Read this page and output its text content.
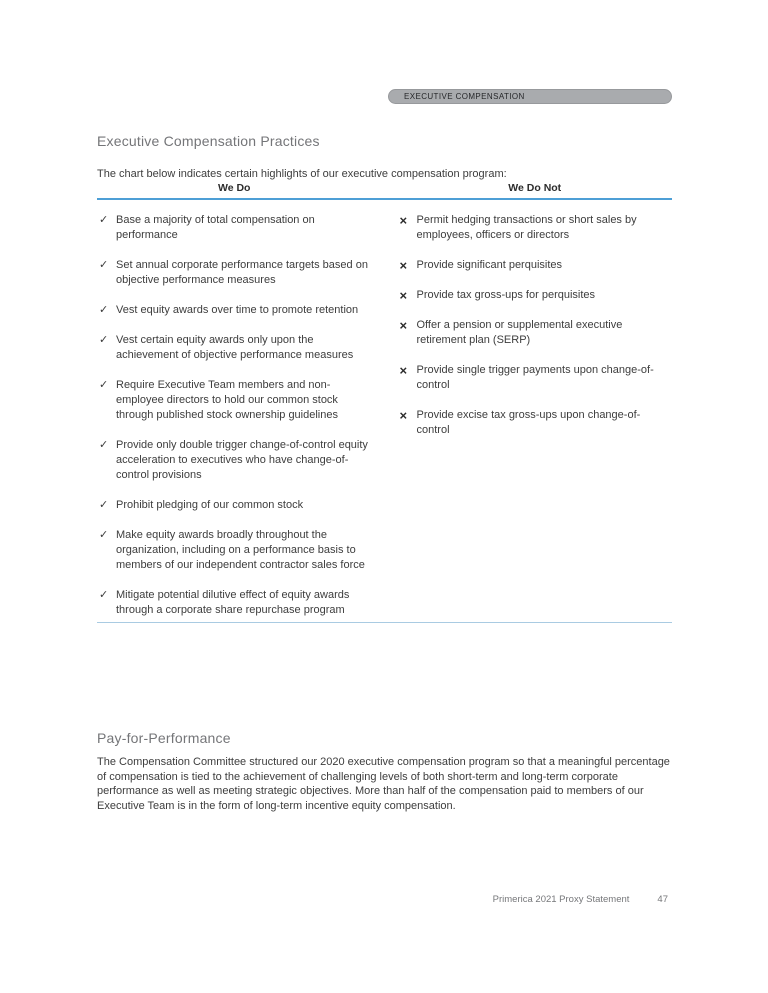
EXECUTIVE COMPENSATION
Executive Compensation Practices

The chart below indicates certain highlights of our executive compensation program:

We Do	We Do Not
✓ Base a majority of total compensation on performance
✓ Set annual corporate performance targets based on objective performance measures
✓ Vest equity awards over time to promote retention
✓ Vest certain equity awards only upon the achievement of objective performance measures
✓ Require Executive Team members and non-employee directors to hold our common stock through published stock ownership guidelines
✓ Provide only double trigger change-of-control equity acceleration to executives who have change-of-control provisions
✓ Prohibit pledging of our common stock
✓ Make equity awards broadly throughout the organization, including on a performance basis to members of our independent contractor sales force
✓ Mitigate potential dilutive effect of equity awards through a corporate share repurchase program
× Permit hedging transactions or short sales by employees, officers or directors
× Provide significant perquisites
× Provide tax gross-ups for perquisites
× Offer a pension or supplemental executive retirement plan (SERP)
× Provide single trigger payments upon change-of-control
× Provide excise tax gross-ups upon change-of-control
Pay-for-Performance

The Compensation Committee structured our 2020 executive compensation program so that a meaningful percentage of compensation is tied to the achievement of challenging levels of both short-term and long-term corporate performance as well as meeting strategic objectives. More than half of the compensation paid to members of our Executive Team is in the form of long-term incentive equity compensation.

Primerica 2021 Proxy Statement	47
